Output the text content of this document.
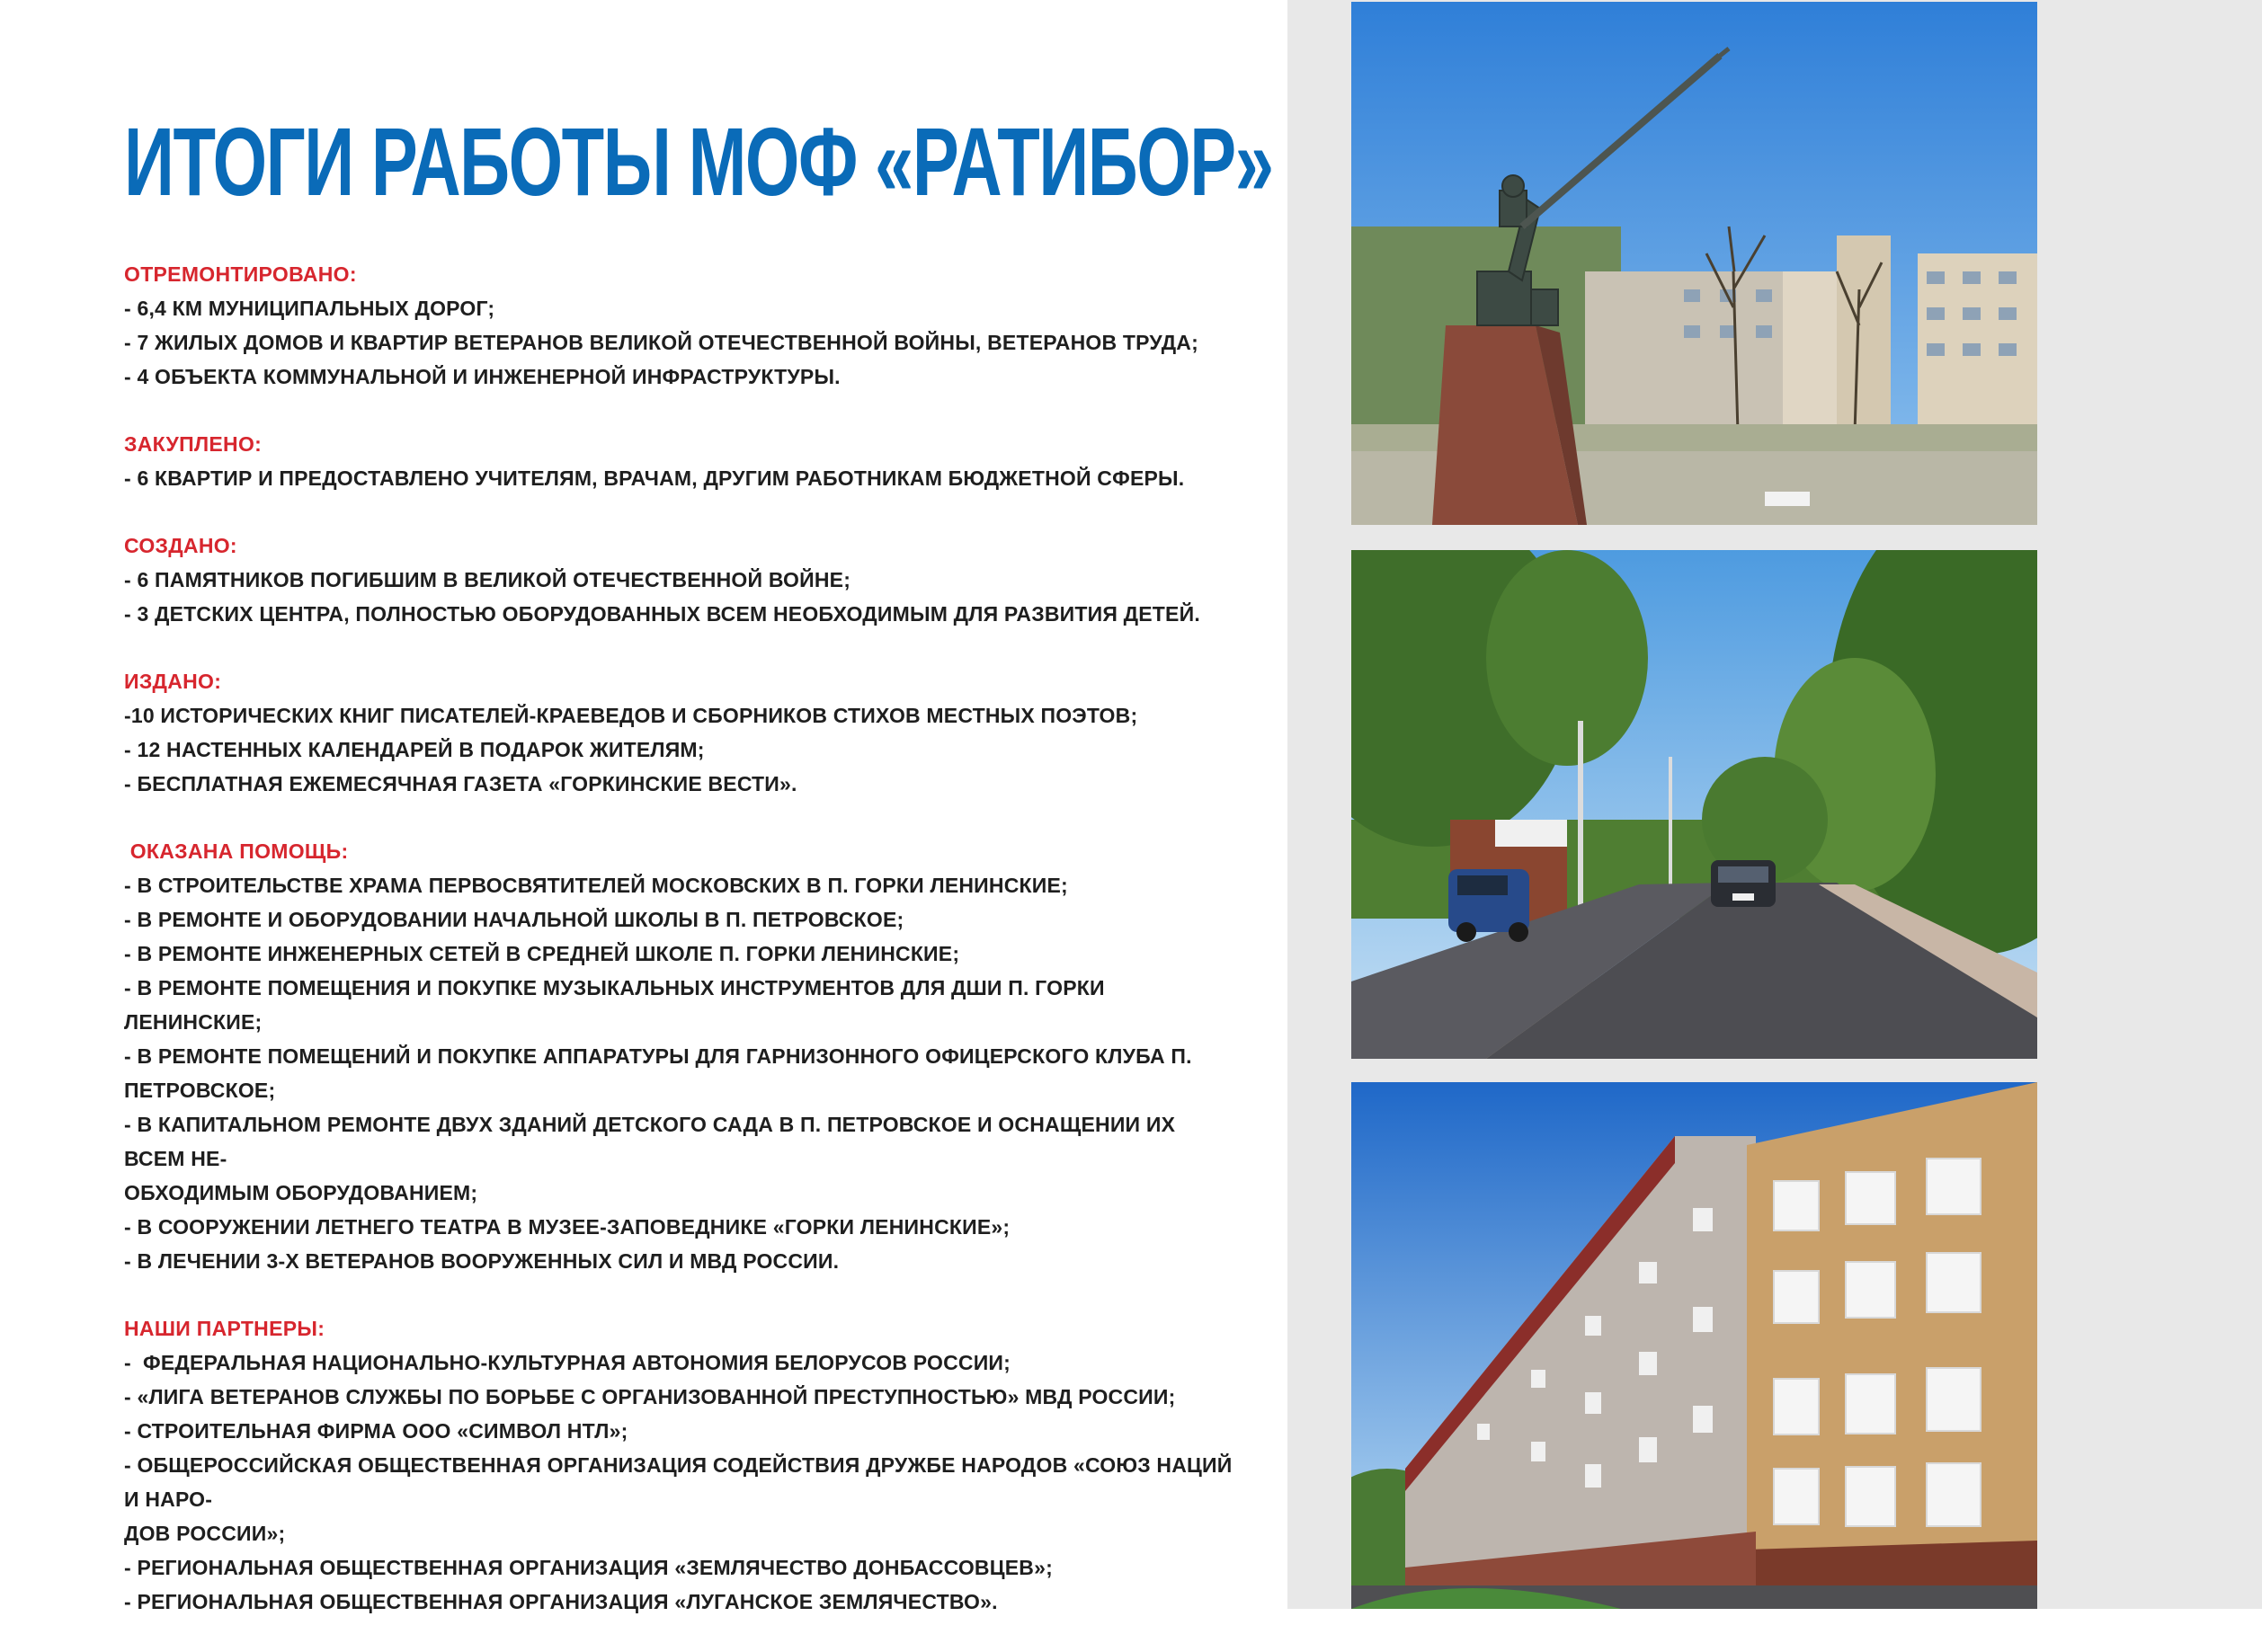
ИТОГИ РАБОТЫ МОФ «РАТИБОР»
ОТРЕМОНТИРОВАНО:
- 6,4 КМ МУНИЦИПАЛЬНЫХ ДОРОГ;
- 7 ЖИЛЫХ ДОМОВ И КВАРТИР ВЕТЕРАНОВ ВЕЛИКОЙ ОТЕЧЕСТВЕННОЙ ВОЙНЫ, ВЕТЕРАНОВ ТРУДА;
- 4 ОБЪЕКТА КОММУНАЛЬНОЙ И ИНЖЕНЕРНОЙ ИНФРАСТРУКТУРЫ.
ЗАКУПЛЕНО:
- 6 КВАРТИР И ПРЕДОСТАВЛЕНО УЧИТЕЛЯМ, ВРАЧАМ, ДРУГИМ РАБОТНИКАМ БЮДЖЕТНОЙ СФЕРЫ.
СОЗДАНО:
- 6 ПАМЯТНИКОВ ПОГИБШИМ В ВЕЛИКОЙ ОТЕЧЕСТВЕННОЙ ВОЙНЕ;
- 3 ДЕТСКИХ ЦЕНТРА, ПОЛНОСТЬЮ ОБОРУДОВАННЫХ ВСЕМ НЕОБХОДИМЫМ ДЛЯ РАЗВИТИЯ ДЕТЕЙ.
ИЗДАНО:
-10 ИСТОРИЧЕСКИХ КНИГ ПИСАТЕЛЕЙ-КРАЕВЕДОВ И СБОРНИКОВ СТИХОВ МЕСТНЫХ ПОЭТОВ;
- 12 НАСТЕННЫХ КАЛЕНДАРЕЙ В ПОДАРОК ЖИТЕЛЯМ;
- БЕСПЛАТНАЯ ЕЖЕМЕСЯЧНАЯ ГАЗЕТА «ГОРКИНСКИЕ ВЕСТИ».
ОКАЗАНА ПОМОЩЬ:
- В СТРОИТЕЛЬСТВЕ ХРАМА ПЕРВОСВЯТИТЕЛЕЙ МОСКОВСКИХ В П. ГОРКИ ЛЕНИНСКИЕ;
- В РЕМОНТЕ И ОБОРУДОВАНИИ НАЧАЛЬНОЙ ШКОЛЫ В П. ПЕТРОВСКОЕ;
- В РЕМОНТЕ ИНЖЕНЕРНЫХ СЕТЕЙ В СРЕДНЕЙ ШКОЛЕ П. ГОРКИ ЛЕНИНСКИЕ;
- В РЕМОНТЕ ПОМЕЩЕНИЯ И ПОКУПКЕ МУЗЫКАЛЬНЫХ ИНСТРУМЕНТОВ ДЛЯ ДШИ П. ГОРКИ ЛЕНИНСКИЕ;
- В РЕМОНТЕ ПОМЕЩЕНИЙ И ПОКУПКЕ АППАРАТУРЫ ДЛЯ ГАРНИЗОННОГО ОФИЦЕРСКОГО КЛУБА П. ПЕТРОВСКОЕ;
- В КАПИТАЛЬНОМ РЕМОНТЕ ДВУХ ЗДАНИЙ ДЕТСКОГО САДА В П. ПЕТРОВСКОЕ И ОСНАЩЕНИИ ИХ ВСЕМ НЕ-
ОБХОДИМЫМ ОБОРУДОВАНИЕМ;
- В СООРУЖЕНИИ ЛЕТНЕГО ТЕАТРА В МУЗЕЕ-ЗАПОВЕДНИКЕ «ГОРКИ ЛЕНИНСКИЕ»;
- В ЛЕЧЕНИИ 3-Х ВЕТЕРАНОВ ВООРУЖЕННЫХ СИЛ И МВД РОССИИ.
НАШИ ПАРТНЕРЫ:
-  ФЕДЕРАЛЬНАЯ НАЦИОНАЛЬНО-КУЛЬТУРНАЯ АВТОНОМИЯ БЕЛОРУСОВ РОССИИ;
- «ЛИГА ВЕТЕРАНОВ СЛУЖБЫ ПО БОРЬБЕ С ОРГАНИЗОВАННОЙ ПРЕСТУПНОСТЬЮ» МВД РОССИИ;
- СТРОИТЕЛЬНАЯ ФИРМА ООО «СИМВОЛ НТЛ»;
- ОБЩЕРОССИЙСКАЯ ОБЩЕСТВЕННАЯ ОРГАНИЗАЦИЯ СОДЕЙСТВИЯ ДРУЖБЕ НАРОДОВ «СОЮЗ НАЦИЙ И НАРО-
ДОВ РОССИИ»;
- РЕГИОНАЛЬНАЯ ОБЩЕСТВЕННАЯ ОРГАНИЗАЦИЯ «ЗЕМЛЯЧЕСТВО ДОНБАССОВЦЕВ»;
- РЕГИОНАЛЬНАЯ ОБЩЕСТВЕННАЯ ОРГАНИЗАЦИЯ «ЛУГАНСКОЕ ЗЕМЛЯЧЕСТВО».
